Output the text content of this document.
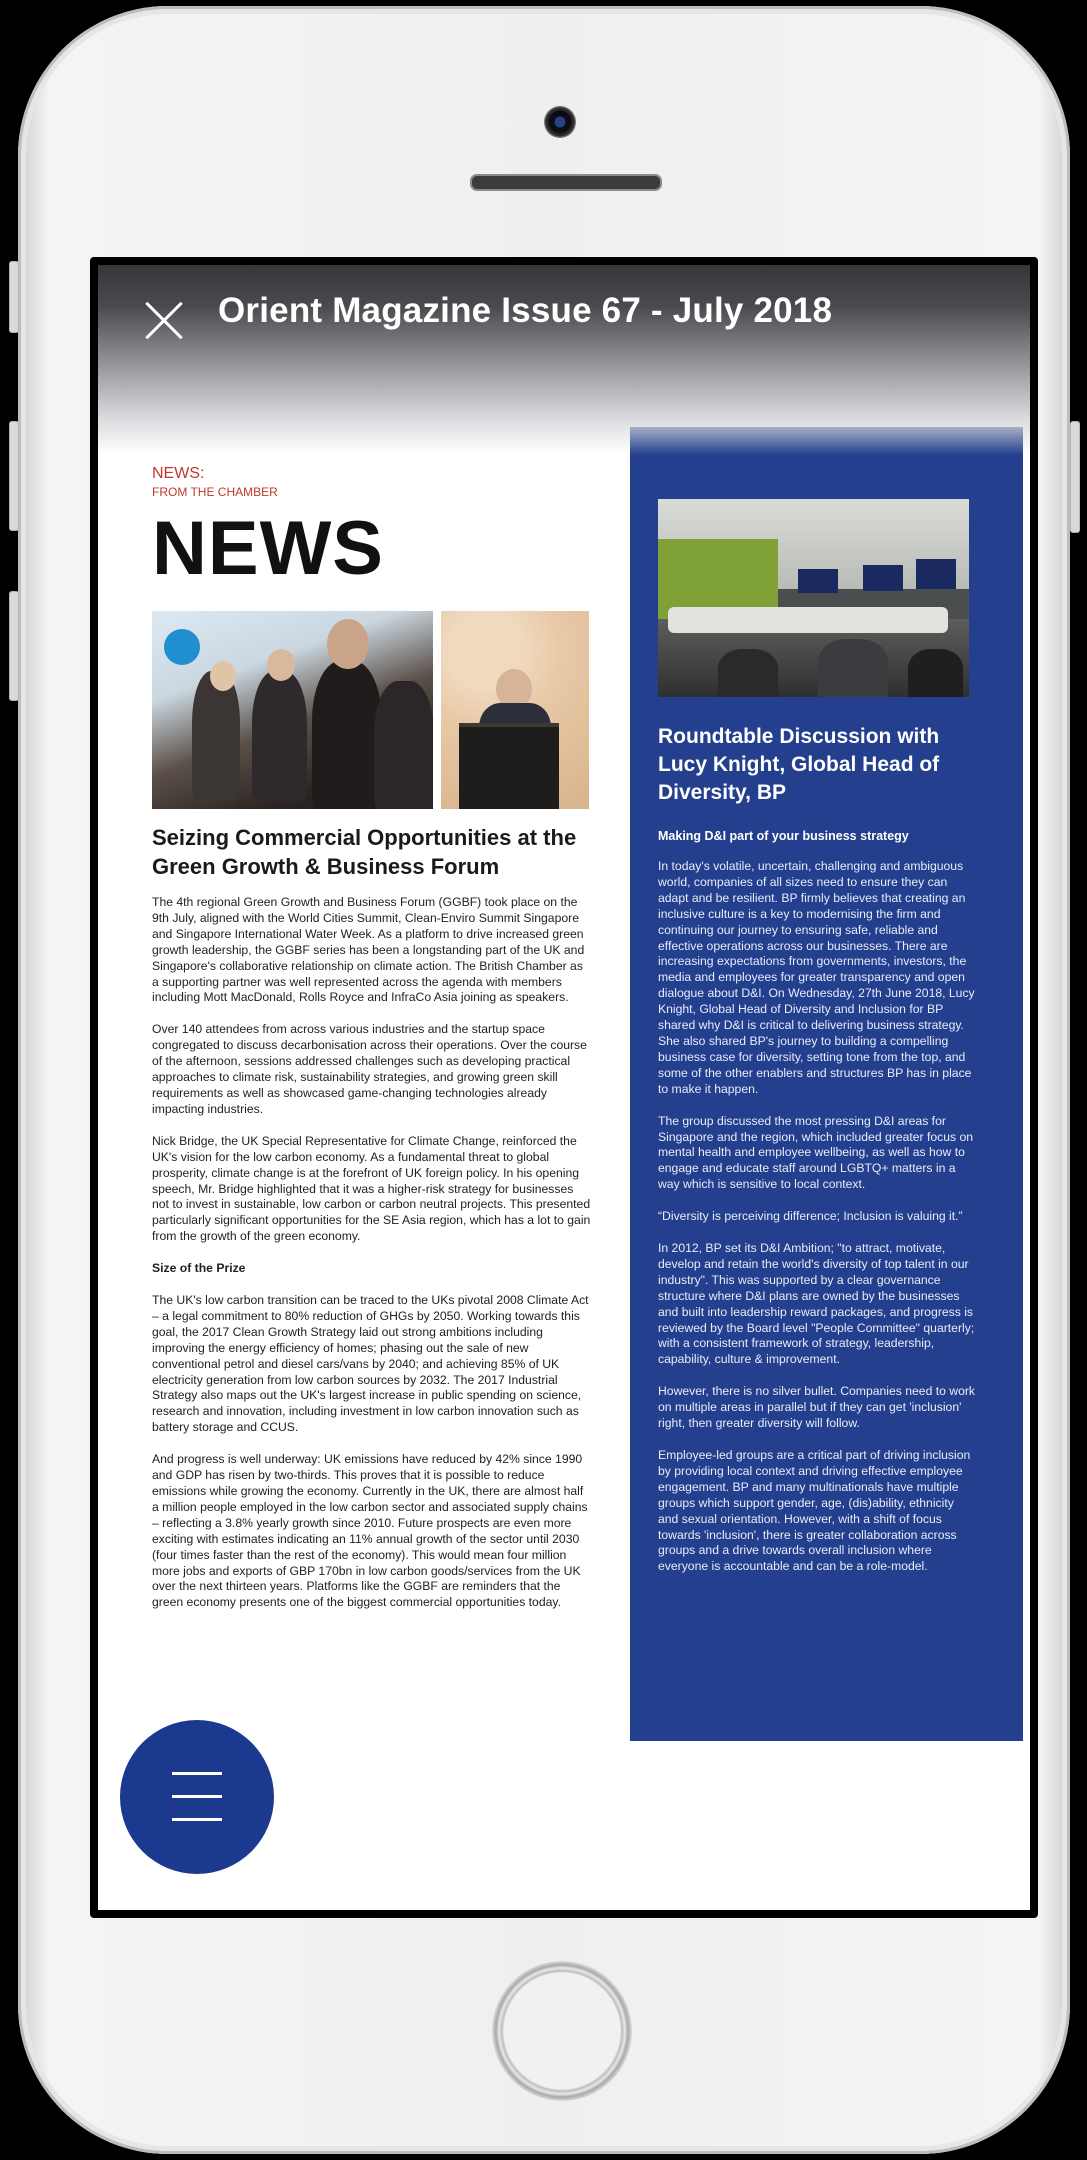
NEWS:
FROM THE CHAMBER
NEWS
Seizing Commercial Opportunities at the Green Growth & Business Forum

The 4th regional Green Growth and Business Forum (GGBF) took place on the 9th July, aligned with the World Cities Summit, Clean-Enviro Summit Singapore and Singapore International Water Week. As a platform to drive increased green growth leadership, the GGBF series has been a longstanding part of the UK and Singapore's collaborative relationship on climate action. The British Chamber as a supporting partner was well represented across the agenda with members including Mott MacDonald, Rolls Royce and InfraCo Asia joining as speakers.

Over 140 attendees from across various industries and the startup space congregated to discuss decarbonisation across their operations. Over the course of the afternoon, sessions addressed challenges such as developing practical approaches to climate risk, sustainability strategies, and growing green skill requirements as well as showcased game-changing technologies already impacting industries.

Nick Bridge, the UK Special Representative for Climate Change, reinforced the UK's vision for the low carbon economy. As a fundamental threat to global prosperity, climate change is at the forefront of UK foreign policy. In his opening speech, Mr. Bridge highlighted that it was a higher-risk strategy for businesses not to invest in sustainable, low carbon or carbon neutral projects. This presented particularly significant opportunities for the SE Asia region, which has a lot to gain from the growth of the green economy.

Size of the Prize

The UK's low carbon transition can be traced to the UKs pivotal 2008 Climate Act – a legal commitment to 80% reduction of GHGs by 2050. Working towards this goal, the 2017 Clean Growth Strategy laid out strong ambitions including improving the energy efficiency of homes; phasing out the sale of new conventional petrol and diesel cars/vans by 2040; and achieving 85% of UK electricity generation from low carbon sources by 2032. The 2017 Industrial Strategy also maps out the UK's largest increase in public spending on science, research and innovation, including investment in low carbon innovation such as battery storage and CCUS.

And progress is well underway: UK emissions have reduced by 42% since 1990 and GDP has risen by two-thirds. This proves that it is possible to reduce emissions while growing the economy. Currently in the UK, there are almost half a million people employed in the low carbon sector and associated supply chains – reflecting a 3.8% yearly growth since 2010. Future prospects are even more exciting with estimates indicating an 11% annual growth of the sector until 2030 (four times faster than the rest of the economy). This would mean four million more jobs and exports of GBP 170bn in low carbon goods/services from the UK over the next thirteen years. Platforms like the GGBF are reminders that the green economy presents one of the biggest commercial opportunities today.

Roundtable Discussion with Lucy Knight, Global Head of Diversity, BP
Making D&I part of your business strategy

In today's volatile, uncertain, challenging and ambiguous world, companies of all sizes need to ensure they can adapt and be resilient. BP firmly believes that creating an inclusive culture is a key to modernising the firm and continuing our journey to ensuring safe, reliable and effective operations across our businesses. There are increasing expectations from governments, investors, the media and employees for greater transparency and open dialogue about D&I. On Wednesday, 27th June 2018, Lucy Knight, Global Head of Diversity and Inclusion for BP shared why D&I is critical to delivering business strategy. She also shared BP's journey to building a compelling business case for diversity, setting tone from the top, and some of the other enablers and structures BP has in place to make it happen.

The group discussed the most pressing D&I areas for Singapore and the region, which included greater focus on mental health and employee wellbeing, as well as how to engage and educate staff around LGBTQ+ matters in a way which is sensitive to local context.

“Diversity is perceiving difference; Inclusion is valuing it.”

In 2012, BP set its D&I Ambition; "to attract, motivate, develop and retain the world's diversity of top talent in our industry". This was supported by a clear governance structure where D&I plans are owned by the businesses and built into leadership reward packages, and progress is reviewed by the Board level "People Committee" quarterly; with a consistent framework of strategy, leadership, capability, culture & improvement.

However, there is no silver bullet. Companies need to work on multiple areas in parallel but if they can get 'inclusion' right, then greater diversity will follow.

Employee-led groups are a critical part of driving inclusion by providing local context and driving effective employee engagement. BP and many multinationals have multiple groups which support gender, age, (dis)ability, ethnicity and sexual orientation. However, with a shift of focus towards 'inclusion', there is greater collaboration across groups and a drive towards overall inclusion where everyone is accountable and can be a role-model.

Orient Magazine Issue 67 - July 2018
